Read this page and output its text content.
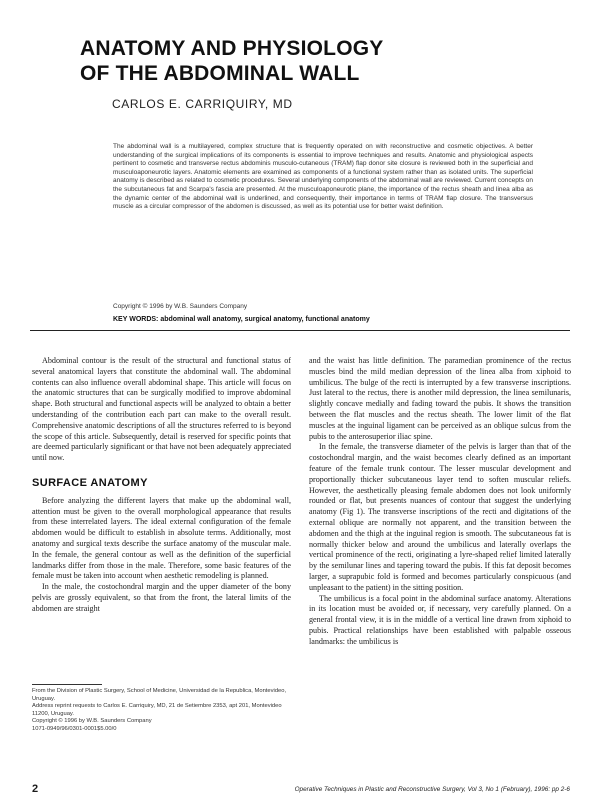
ANATOMY AND PHYSIOLOGY
OF THE ABDOMINAL WALL
CARLOS E. CARRIQUIRY, MD

The abdominal wall is a multilayered, complex structure that is frequently operated on with reconstructive and cosmetic objectives. A better understanding of the surgical implications of its components is essential to improve techniques and results. Anatomic and physiological aspects pertinent to cosmetic and transverse rectus abdominis musculo-cutaneous (TRAM) flap donor site closure is reviewed both in the superficial and musculoaponeurotic layers. Anatomic elements are examined as components of a functional system rather than as isolated units. The superficial anatomy is described as related to cosmetic procedures. Several underlying components of the abdominal wall are reviewed. Current concepts on the subcutaneous fat and Scarpa's fascia are presented. At the musculoaponeurotic plane, the importance of the rectus sheath and linea alba as the dynamic center of the abdominal wall is underlined, and consequently, their importance in terms of TRAM flap closure. The transversus muscle as a circular compressor of the abdomen is discussed, as well as its potential use for better waist definition.

Copyright © 1996 by W.B. Saunders Company
KEY WORDS: abdominal wall anatomy, surgical anatomy, functional anatomy

Abdominal contour is the result of the structural and functional status of several anatomical layers that constitute the abdominal wall. The abdominal contents can also influence overall abdominal shape. This article will focus on the anatomic structures that can be surgically modified to improve abdominal shape. Both structural and functional aspects will be analyzed to obtain a better understanding of the contribution each part can make to the overall result. Comprehensive anatomic descriptions of all the structures referred to is beyond the scope of this article. Subsequently, detail is reserved for specific points that are deemed particularly significant or that have not been adequately appreciated until now.

SURFACE ANATOMY

Before analyzing the different layers that make up the abdominal wall, attention must be given to the overall morphological appearance that results from these interrelated layers. The ideal external configuration of the female abdomen would be difficult to establish in absolute terms. Additionally, most anatomy and surgical texts describe the surface anatomy of the muscular male. In the female, the general contour as well as the definition of the superficial landmarks differ from those in the male. Therefore, some basic features of the female must be taken into account when aesthetic remodeling is planned.

In the male, the costochondral margin and the upper diameter of the bony pelvis are grossly equivalent, so that from the front, the lateral limits of the abdomen are straight

and the waist has little definition. The paramedian prominence of the rectus muscles bind the mild median depression of the linea alba from xiphoid to umbilicus. The bulge of the recti is interrupted by a few transverse inscriptions. Just lateral to the rectus, there is another mild depression, the linea semilunaris, slightly concave medially and fading toward the pubis. It shows the transition between the flat muscles and the rectus sheath. The lower limit of the flat muscles at the inguinal ligament can be perceived as an oblique sulcus from the pubis to the anterosuperior iliac spine.

In the female, the transverse diameter of the pelvis is larger than that of the costochondral margin, and the waist becomes clearly defined as an important feature of the female trunk contour. The lesser muscular development and proportionally thicker subcutaneous layer tend to soften muscular reliefs. However, the aesthetically pleasing female abdomen does not look uniformly rounded or flat, but presents nuances of contour that suggest the underlying anatomy (Fig 1). The transverse inscriptions of the recti and digitations of the external oblique are normally not apparent, and the transition between the abdomen and the thigh at the inguinal region is smooth. The subcutaneous fat is normally thicker below and around the umbilicus and laterally overlaps the vertical prominence of the recti, originating a lyre-shaped relief limited laterally by the semilunar lines and tapering toward the pubis. If this fat deposit becomes larger, a suprapubic fold is formed and becomes particularly conspicuous (and unpleasant to the patient) in the sitting position.

The umbilicus is a focal point in the abdominal surface anatomy. Alterations in its location must be avoided or, if necessary, very carefully planned. On a general frontal view, it is in the middle of a vertical line drawn from xiphoid to pubis. Practical relationships have been established with palpable osseous landmarks: the umbilicus is

From the Division of Plastic Surgery, School of Medicine, Universidad de la Republica, Montevideo, Uruguay.
Address reprint requests to Carlos E. Carriquiry, MD, 21 de Setiembre 2353, apt 201, Montevideo 11200, Uruguay.
Copyright © 1996 by W.B. Saunders Company
1071-0949/96/0301-0001$5.00/0
2	Operative Techniques in Plastic and Reconstructive Surgery, Vol 3, No 1 (February), 1996: pp 2-6
